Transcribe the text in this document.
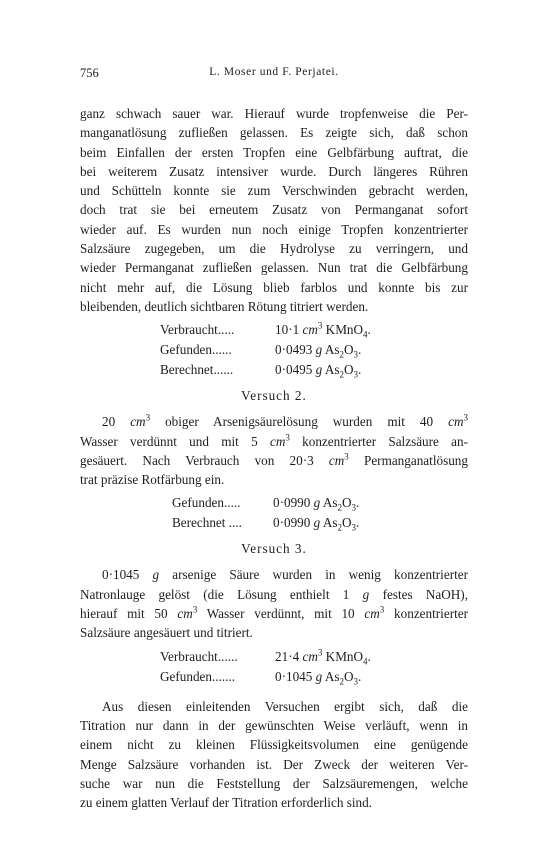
756	L. Moser und F. Perjatei.

ganz schwach sauer war. Hierauf wurde tropfenweise die Per-
manganatlösung zufließen gelassen. Es zeigte sich, daß schon
beim Einfallen der ersten Tropfen eine Gelbfärbung auftrat, die
bei weiterem Zusatz intensiver wurde. Durch längeres Rühren
und Schütteln konnte sie zum Verschwinden gebracht werden,
doch trat sie bei erneutem Zusatz von Permanganat sofort
wieder auf. Es wurden nun noch einige Tropfen konzentrierter
Salzsäure zugegeben, um die Hydrolyse zu verringern, und
wieder Permanganat zufließen gelassen. Nun trat die Gelbfärbung
nicht mehr auf, die Lösung blieb farblos und konnte bis zur
bleibenden, deutlich sichtbaren Rötung titriert werden.

Verbraucht.....	10·1 $cm^3$ KMnO$_4$.
Gefunden......	0·0493 g $As_2O_3$.
Berechnet......	0·0495 g $As_2O_3$.
Versuch 2.

20 $cm^3$ obiger Arsenigsäurelösung wurden mit 40 $cm^3$
Wasser verdünnt und mit 5 $cm^3$ konzentrierter Salzsäure an-
gesäuert. Nach Verbrauch von 20·3 $cm^3$ Permanganatlösung
trat präzise Rotfärbung ein.

Gefunden.....	0·0990 g $As_2O_3$.
Berechnet ....	0·0990 g $As_2O_3$.
Versuch 3.

0·1045 g arsenige Säure wurden in wenig konzentrierter
Natronlauge gelöst (die Lösung enthielt 1 g festes NaOH),
hierauf mit 50 $cm^3$ Wasser verdünnt, mit 10 $cm^3$ konzentrierter
Salzsäure angesäuert und titriert.

Verbraucht......	21·4 $cm^3$ KMnO$_4$.
Gefunden.......	0·1045 g $As_2O_3$.

Aus diesen einleitenden Versuchen ergibt sich, daß die
Titration nur dann in der gewünschten Weise verläuft, wenn in
einem nicht zu kleinen Flüssigkeitsvolumen eine genügende
Menge Salzsäure vorhanden ist. Der Zweck der weiteren Ver-
suche war nun die Feststellung der Salzsäuremengen, welche
zu einem glatten Verlauf der Titration erforderlich sind.
